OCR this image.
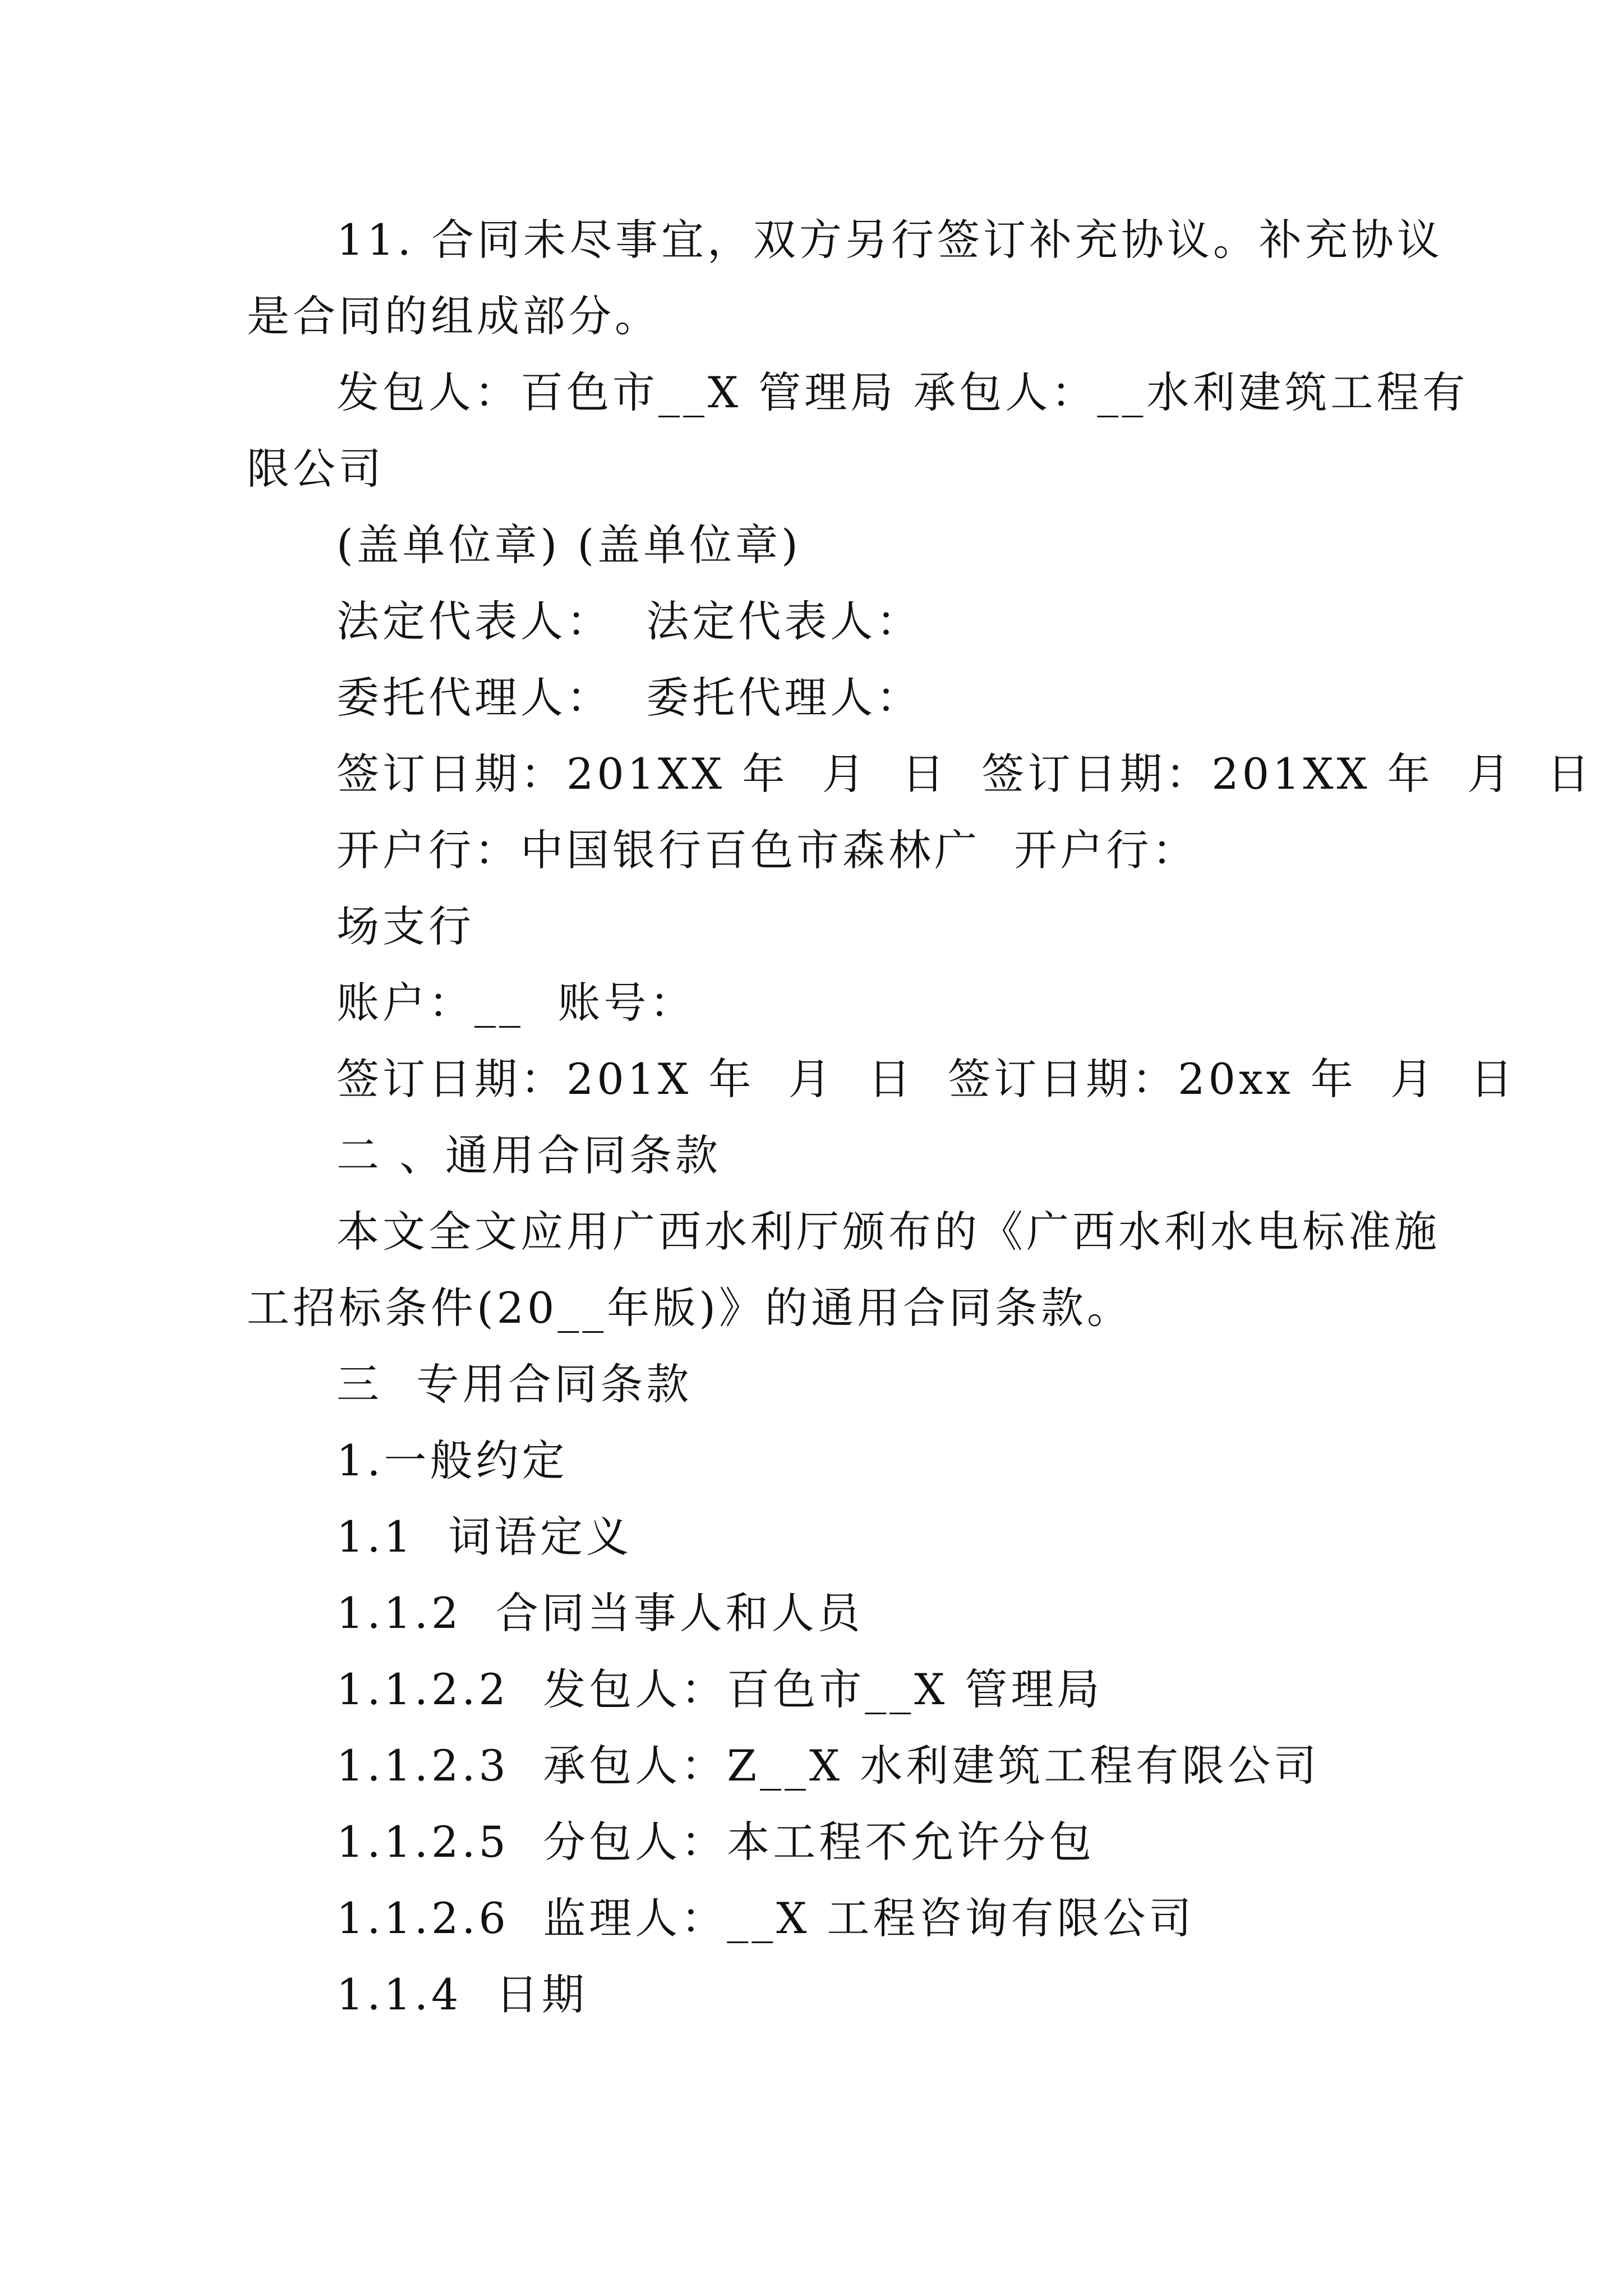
11. 合同未尽事宜，双方另行签订补充协议。补充协议
是合同的组成部分。
发包人：百色市__X 管理局 承包人：__水利建筑工程有
限公司
(盖单位章) (盖单位章)
法定代表人：  法定代表人：
委托代理人：  委托代理人：
签订日期：201XX 年  月  日  签订日期：201XX 年  月  日
开户行：中国银行百色市森林广  开户行：
场支行
账户：__  账号：
签订日期：201X 年  月  日  签订日期：20xx 年  月  日
二 、通用合同条款
本文全文应用广西水利厅颁布的《广西水利水电标准施
工招标条件(20__年版)》的通用合同条款。
三  专用合同条款
1.一般约定
1.1  词语定义
1.1.2  合同当事人和人员
1.1.2.2  发包人：百色市__X 管理局
1.1.2.3  承包人：Z__X 水利建筑工程有限公司
1.1.2.5  分包人：本工程不允许分包
1.1.2.6  监理人：__X 工程咨询有限公司
1.1.4  日期
